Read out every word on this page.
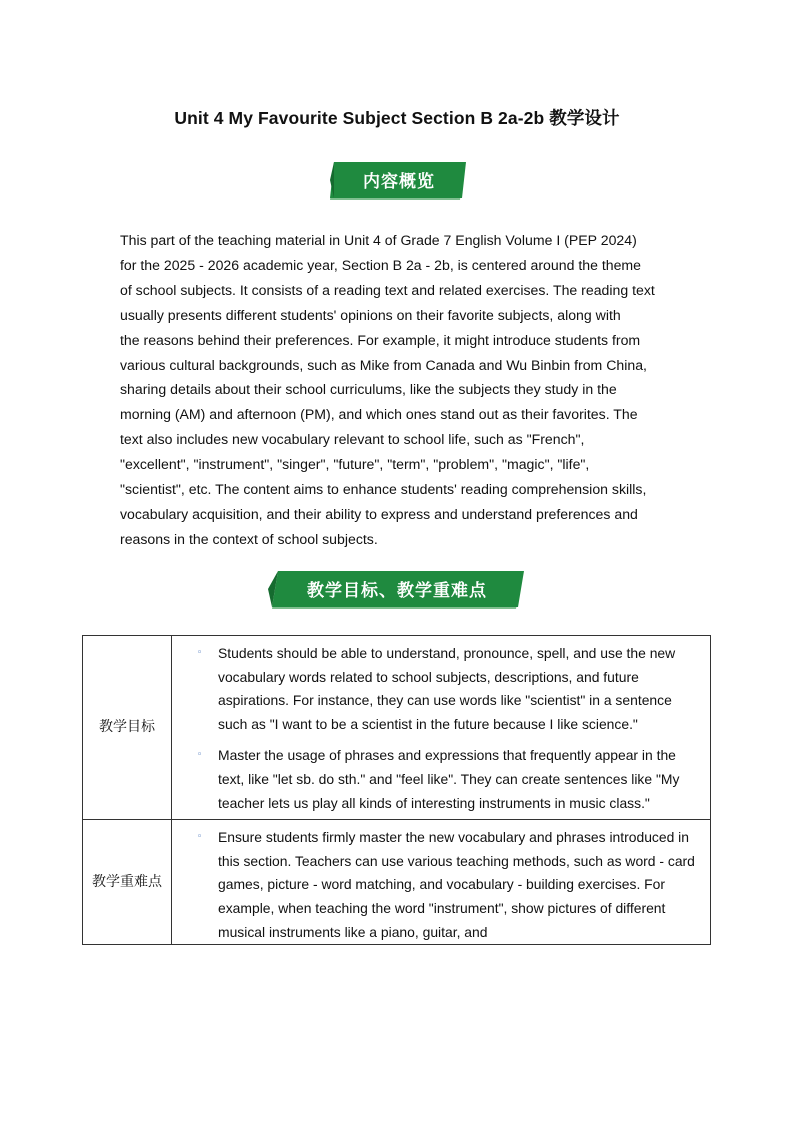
Unit 4 My Favourite Subject Section B 2a-2b 教学设计
内容概览
This part of the teaching material in Unit 4 of Grade 7 English Volume I (PEP 2024)
for the 2025 - 2026 academic year, Section B 2a - 2b, is centered around the theme
of school subjects. It consists of a reading text and related exercises. The reading text
usually presents different students' opinions on their favorite subjects, along with
the reasons behind their preferences. For example, it might introduce students from
various cultural backgrounds, such as Mike from Canada and Wu Binbin from China,
sharing details about their school curriculums, like the subjects they study in the
morning (AM) and afternoon (PM), and which ones stand out as their favorites. The
text also includes new vocabulary relevant to school life, such as "French",
"excellent", "instrument", "singer", "future", "term", "problem", "magic", "life",
"scientist", etc. The content aims to enhance students' reading comprehension skills,
vocabulary acquisition, and their ability to express and understand preferences and
reasons in the context of school subjects.
教学目标、教学重难点
教学目标	◦ Students should be able to understand, pronounce, spell, and use the new vocabulary words related to school subjects, descriptions, and future aspirations. For instance, they can use words like "scientist" in a sentence such as "I want to be a scientist in the future because I like science."
◦ Master the usage of phrases and expressions that frequently appear in the text, like "let sb. do sth." and "feel like". They can create sentences like "My teacher lets us play all kinds of interesting instruments in music class."

教学重难点	◦ Ensure students firmly master the new vocabulary and phrases introduced in this section. Teachers can use various teaching methods, such as word - card games, picture - word matching, and vocabulary - building exercises. For example, when teaching the word "instrument", show pictures of different musical instruments like a piano, guitar, and
